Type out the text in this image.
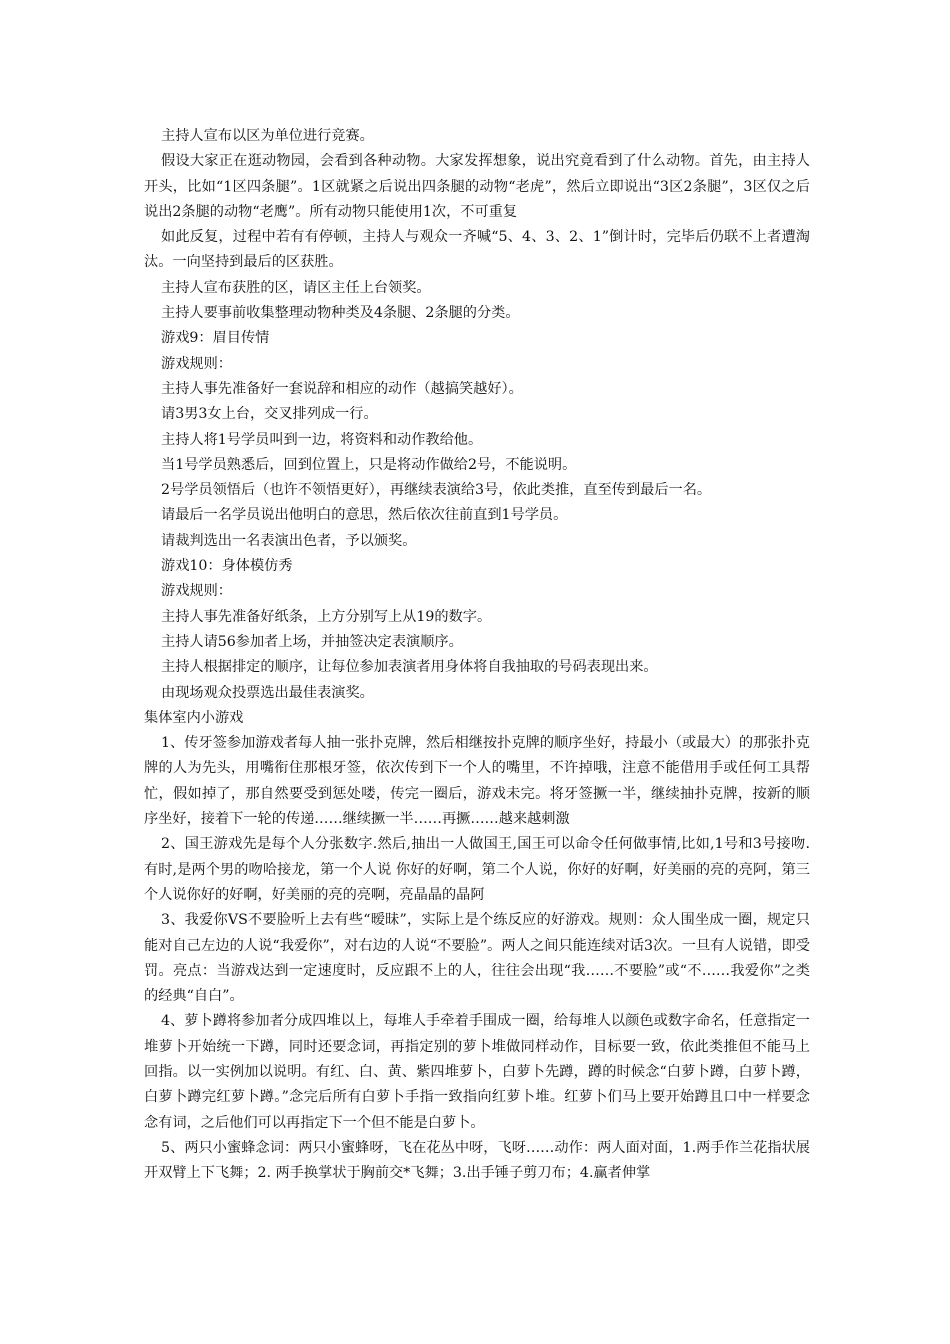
主持人宣布以区为单位进行竞赛。

假设大家正在逛动物园，会看到各种动物。大家发挥想象，说出究竟看到了什么动物。首先，由主持人开头，比如“1区四条腿”。1区就紧之后说出四条腿的动物“老虎”，然后立即说出“3区2条腿”，3区仅之后说出2条腿的动物“老鹰”。所有动物只能使用1次，不可重复

如此反复，过程中若有有停顿，主持人与观众一齐喊“5、4、3、2、1”倒计时，完毕后仍联不上者遭淘汰。一向坚持到最后的区获胜。

主持人宣布获胜的区，请区主任上台领奖。

主持人要事前收集整理动物种类及4条腿、2条腿的分类。

游戏9：眉目传情

游戏规则：

主持人事先准备好一套说辞和相应的动作（越搞笑越好）。

请3男3女上台，交叉排列成一行。

主持人将1号学员叫到一边，将资料和动作教给他。

当1号学员熟悉后，回到位置上，只是将动作做给2号，不能说明。

2号学员领悟后（也许不领悟更好），再继续表演给3号，依此类推，直至传到最后一名。

请最后一名学员说出他明白的意思，然后依次往前直到1号学员。

请裁判选出一名表演出色者，予以颁奖。

游戏10：身体模仿秀

游戏规则：

主持人事先准备好纸条，上方分别写上从19的数字。

主持人请56参加者上场，并抽签决定表演顺序。

主持人根据排定的顺序，让每位参加表演者用身体将自我抽取的号码表现出来。

由现场观众投票选出最佳表演奖。

集体室内小游戏

1、传牙签参加游戏者每人抽一张扑克牌，然后相继按扑克牌的顺序坐好，持最小（或最大）的那张扑克牌的人为先头，用嘴衔住那根牙签，依次传到下一个人的嘴里，不许掉哦，注意不能借用手或任何工具帮忙，假如掉了，那自然要受到惩处喽，传完一圈后，游戏未完。将牙签撅一半，继续抽扑克牌，按新的顺序坐好，接着下一轮的传递……继续撅一半……再撅……越来越刺激

2、国王游戏先是每个人分张数字.然后,抽出一人做国王,国王可以命令任何做事情,比如,1号和3号接吻.有时,是两个男的吻哈接龙，第一个人说 你好的好啊，第二个人说，你好的好啊，好美丽的亮的亮阿，第三个人说你好的好啊，好美丽的亮的亮啊，亮晶晶的晶阿

3、我爱你VS不要脸听上去有些“暧昧”，实际上是个练反应的好游戏。规则：众人围坐成一圈，规定只能对自己左边的人说“我爱你”，对右边的人说“不要脸”。两人之间只能连续对话3次。一旦有人说错，即受罚。亮点：当游戏达到一定速度时，反应跟不上的人，往往会出现“我……不要脸”或“不……我爱你”之类的经典“自白”。

4、萝卜蹲将参加者分成四堆以上，每堆人手牵着手围成一圈，给每堆人以颜色或数字命名，任意指定一堆萝卜开始统一下蹲，同时还要念词，再指定别的萝卜堆做同样动作，目标要一致，依此类推但不能马上回指。以一实例加以说明。有红、白、黄、紫四堆萝卜，白萝卜先蹲，蹲的时候念“白萝卜蹲，白萝卜蹲，白萝卜蹲完红萝卜蹲。”念完后所有白萝卜手指一致指向红萝卜堆。红萝卜们马上要开始蹲且口中一样要念念有词，之后他们可以再指定下一个但不能是白萝卜。

5、两只小蜜蜂念词：两只小蜜蜂呀，飞在花丛中呀，飞呀……动作：两人面对面，1.两手作兰花指状展开双臂上下飞舞；2. 两手换掌状于胸前交*飞舞；3.出手锤子剪刀布；4.赢者伸掌
